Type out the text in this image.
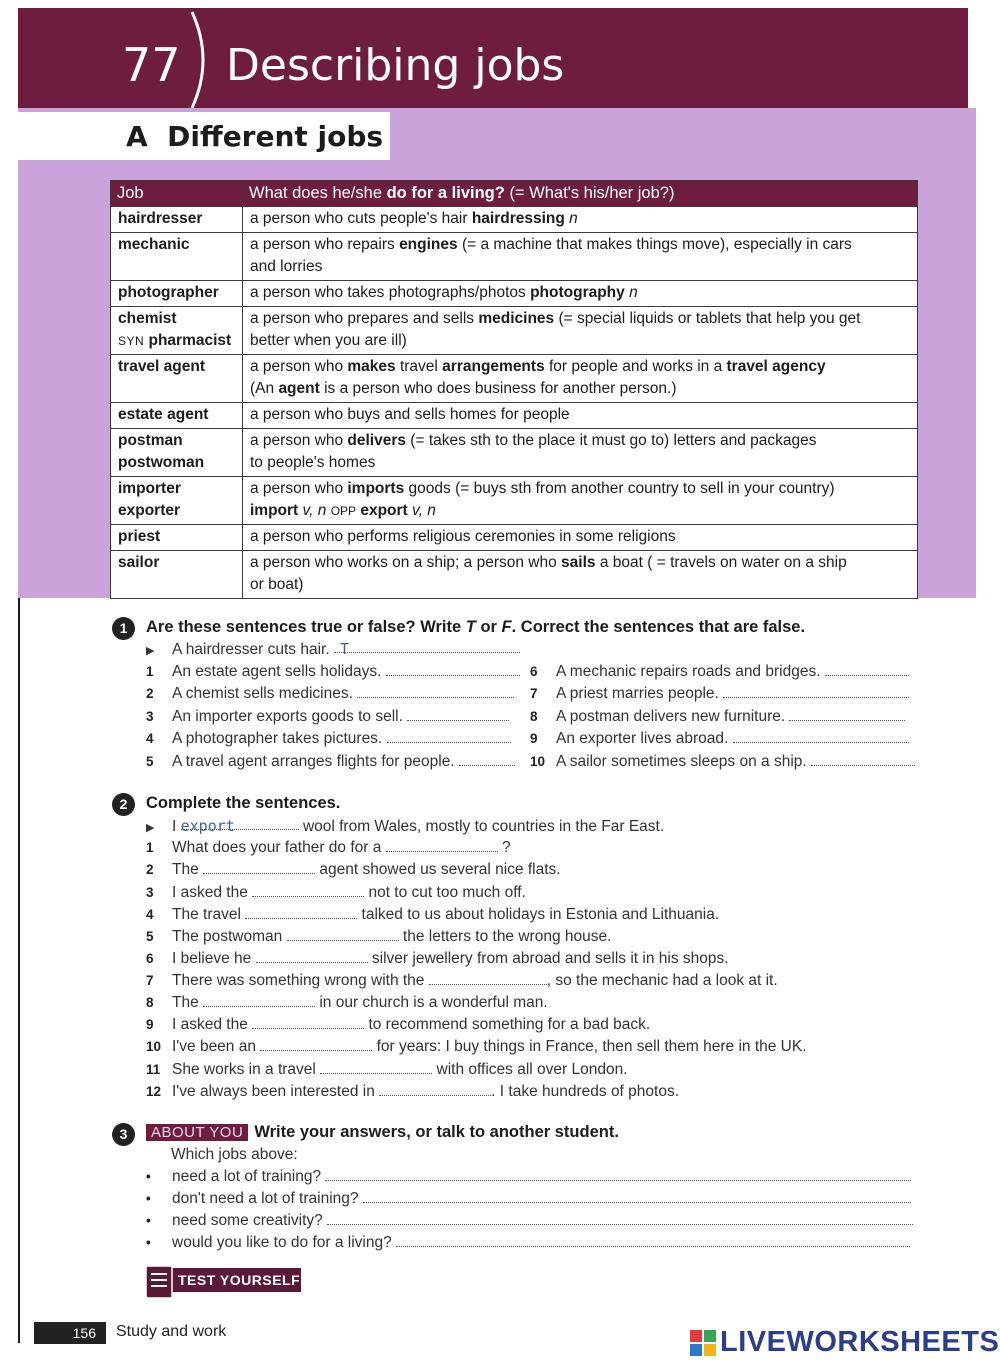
77 Describing jobs
A Different jobs
Job	What does he/she do for a living? (= What's his/her job?)
hairdresser	a person who cuts people's hair hairdressing n
mechanic	a person who repairs engines (= a machine that makes things move), especially in cars
and lorries
photographer	a person who takes photographs/photos photography n
chemist
SYN pharmacist	a person who prepares and sells medicines (= special liquids or tablets that help you get
better when you are ill)
travel agent	a person who makes travel arrangements for people and works in a travel agency
(An agent is a person who does business for another person.)
estate agent	a person who buys and sells homes for people
postman
postwoman	a person who delivers (= takes sth to the place it must go to) letters and packages
to people's homes
importer
exporter	a person who imports goods (= buys sth from another country to sell in your country)
import v, n OPP export v, n
priest	a person who performs religious ceremonies in some religions
sailor	a person who works on a ship; a person who sails a boat ( = travels on water on a ship
or boat)
1	Are these sentences true or false? Write T or F. Correct the sentences that are false.
▶ A hairdresser cuts hair. T
1 An estate agent sells holidays.
2 A chemist sells medicines.
3 An importer exports goods to sell.
4 A photographer takes pictures.
5 A travel agent arranges flights for people.
6 A mechanic repairs roads and bridges.
7 A priest marries people.
8 A postman delivers new furniture.
9 An exporter lives abroad.
10 A sailor sometimes sleeps on a ship.
2	Complete the sentences.
▶ I export	wool from Wales, mostly to countries in the Far East.
1 What does your father do for a	?
2 The	agent showed us several nice flats.
3 I asked the	not to cut too much off.
4 The travel	talked to us about holidays in Estonia and Lithuania.
5 The postwoman	the letters to the wrong house.
6 I believe he	silver jewellery from abroad and sells it in his shops.
7 There was something wrong with the	, so the mechanic had a look at it.
8 The	in our church is a wonderful man.
9 I asked the	to recommend something for a bad back.
10 I've been an	for years: I buy things in France, then sell them here in the UK.
11 She works in a travel	with offices all over London.
12 I've always been interested in	. I take hundreds of photos.
3	ABOUT YOU Write your answers, or talk to another student.
Which jobs above:
• need a lot of training?
• don't need a lot of training?
• need some creativity?
• would you like to do for a living?
TEST YOURSELF
156	Study and work	LIVEWORKSHEETS
